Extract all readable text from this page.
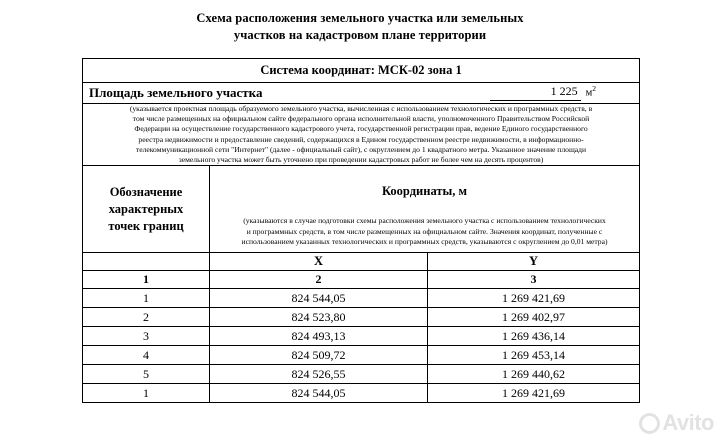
Схема расположения земельного участка или земельных
участков на кадастровом плане территории
Система координат: МСК-02 зона 1		

Площадь земельного участка 1 225 $м^2$

(указывается проектная площадь образуемого земельного участка, вычисленная с использованием технологических и программных средств, в
том числе размещенных на официальном сайте федерального органа исполнительной власти, уполномоченного Правительством Российской
Федерации на осуществление государственного кадастрового учета, государственной регистрации прав, ведение Единого государственного
реестра недвижимости и предоставление сведений, содержащихся в Едином государственном реестре недвижимости, в информационно-
телекоммуникационной сети "Интернет" (далее - официальный сайт), с округлением до 1 квадратного метра. Указанное значение площади
земельного участка может быть уточнено при проведении кадастровых работ не более чем на десять процентов)

Обозначение
характерных
точек границ

Координаты, м
(указываются в случае подготовки схемы расположения земельного участка с использованием технологических
и программных средств, в том числе размещенных на официальном сайте. Значения координат, полученные с
использованием указанных технологических и программных средств, указываются с округлением до 0,01 метра)

	X	Y
1	2	3
1	824 544,05	1 269 421,69
2	824 523,80	1 269 402,97
3	824 493,13	1 269 436,14
4	824 509,72	1 269 453,14
5	824 526,55	1 269 440,62
1	824 544,05	1 269 421,69
Avito
